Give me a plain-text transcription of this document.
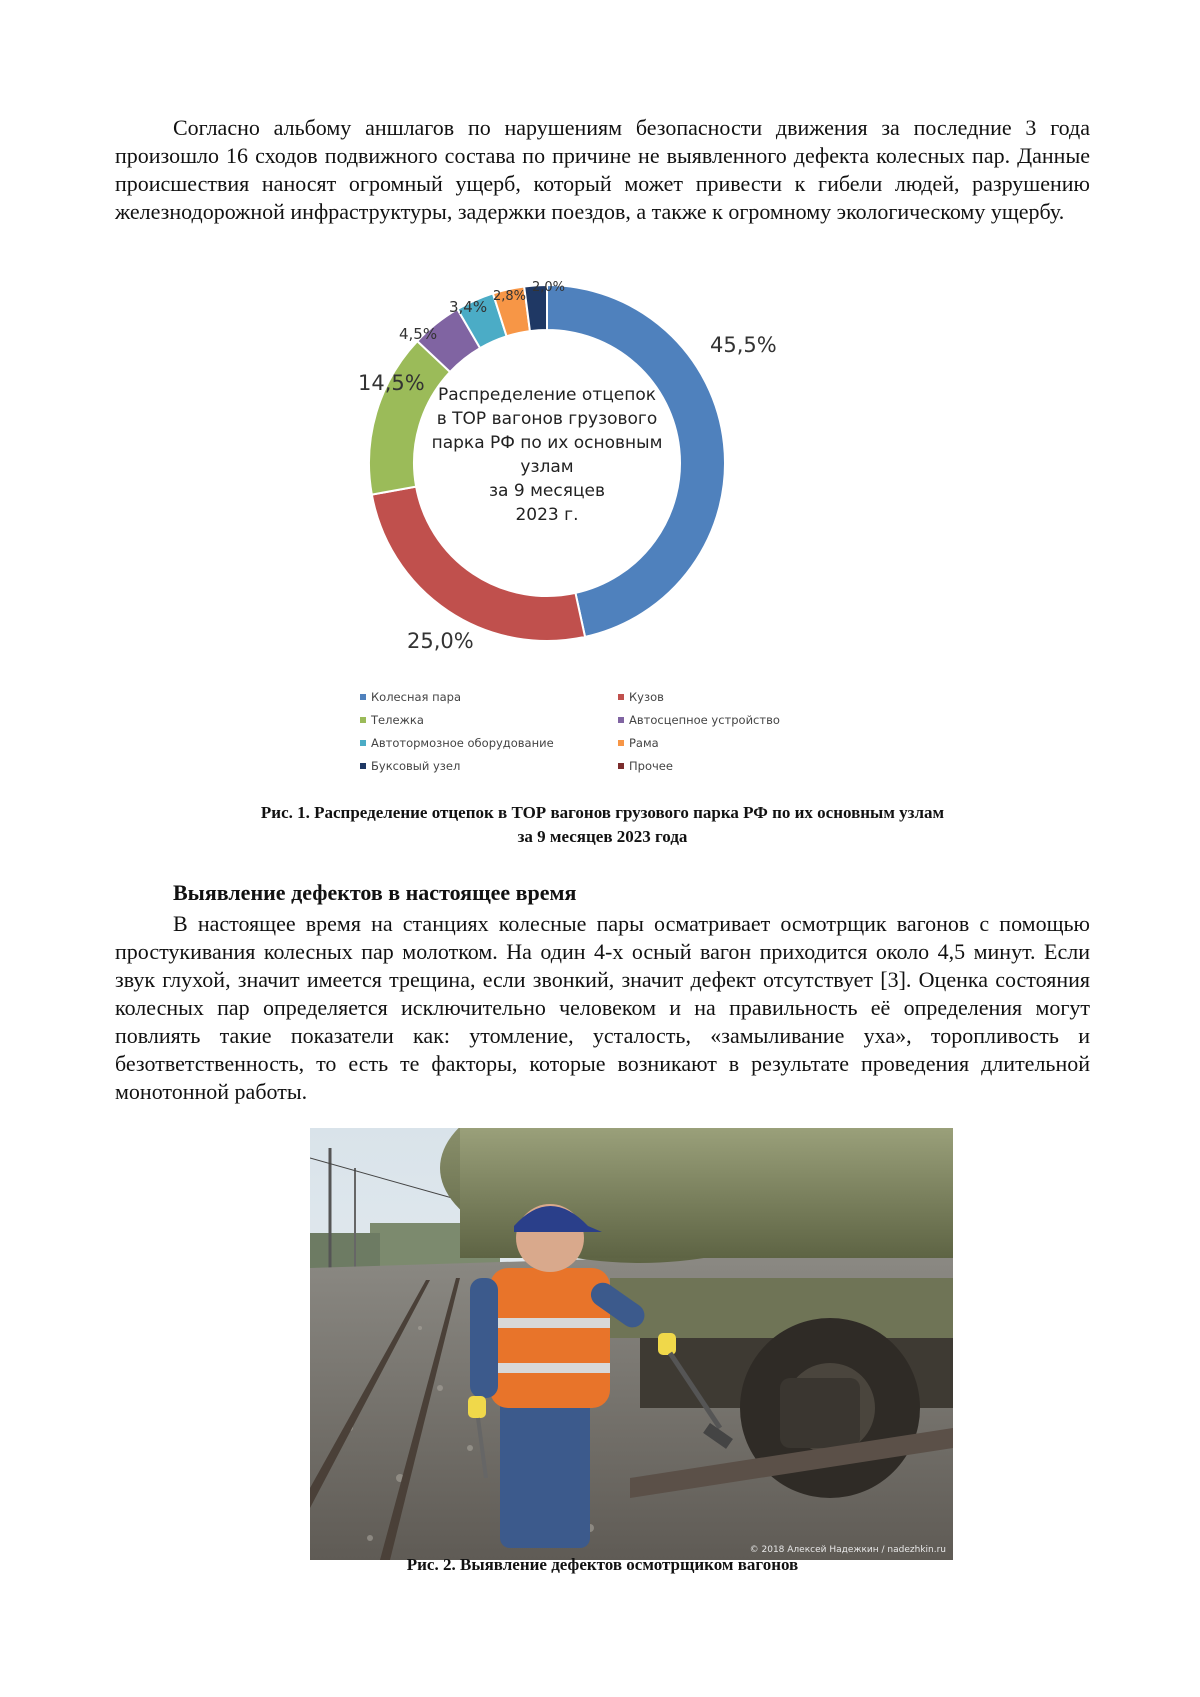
Согласно альбому аншлагов по нарушениям безопасности движения за последние 3 года произошло 16 сходов подвижного состава по причине не выявленного дефекта колесных пар. Данные происшествия наносят огромный ущерб, который может привести к гибели людей, разрушению железнодорожной инфраструктуры, задержки поездов, а также к огромному экологическому ущербу.

45,5%
25,0%
14,5%
4,5%
3,4%
2,8%
2,0%
Распределение отцепок в ТОР вагонов грузового парка РФ по их основным узлам за 9 месяцев 2023 г.
Колесная пара	Кузов
Тележка	Автосцепное устройство
Автотормозное оборудование	Рама
Буксовый узел	Прочее

Рис. 1. Распределение отцепок в ТОР вагонов грузового парка РФ по их основным узлам
за 9 месяцев 2023 года

Выявление дефектов в настоящее время

В настоящее время на станциях колесные пары осматривает осмотрщик вагонов с помощью простукивания колесных пар молотком. На один 4-х осный вагон приходится около 4,5 минут. Если звук глухой, значит имеется трещина, если звонкий, значит дефект отсутствует [3]. Оценка состояния колесных пар определяется исключительно человеком и на правильность её определения могут повлиять такие показатели как: утомление, усталость, «замыливание уха», торопливость и безответственность, то есть те факторы, которые возникают в результате проведения длительной монотонной работы.

© 2018 Алексей Надежкин / nadezhkin.ru

Рис. 2. Выявление дефектов осмотрщиком вагонов
